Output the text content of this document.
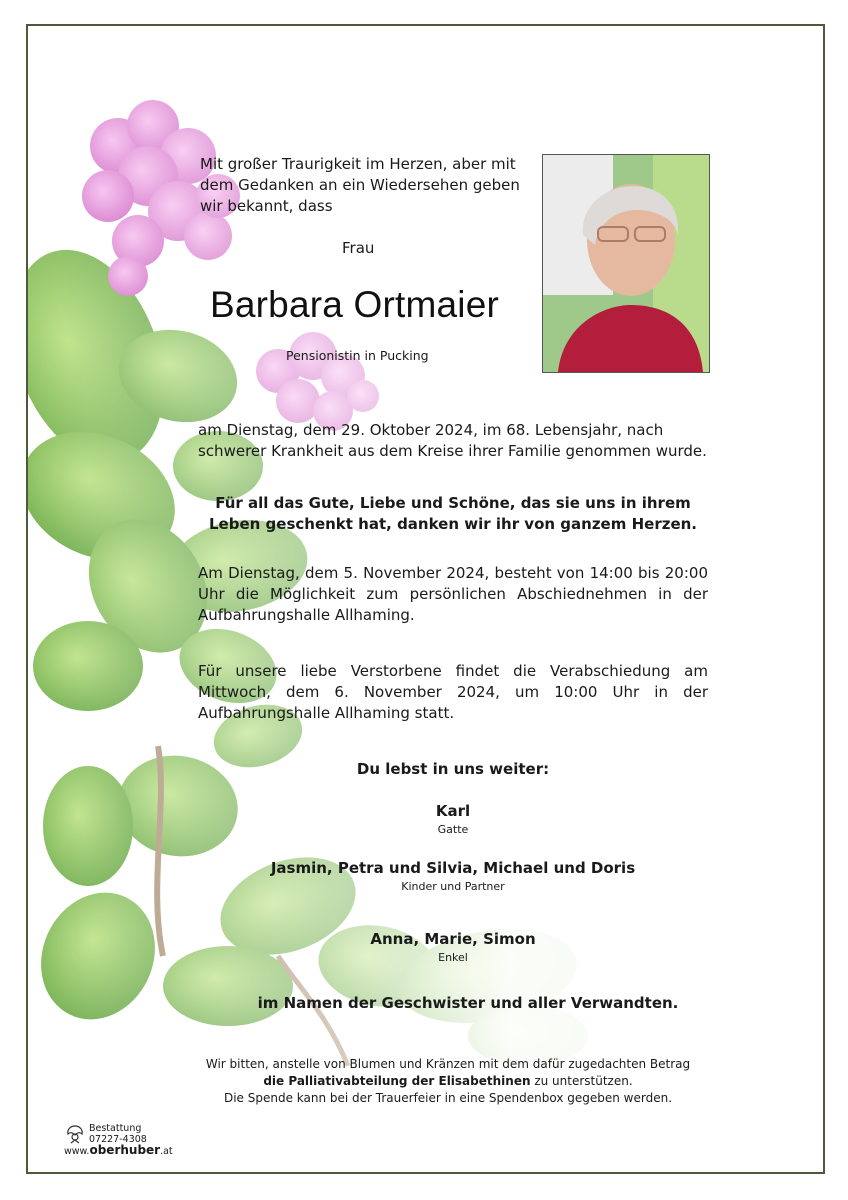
Mit großer Traurigkeit im Herzen, aber mit dem Gedanken an ein Wiedersehen geben wir bekannt, dass
Frau
Barbara Ortmaier
Pensionistin in Pucking
am Dienstag, dem 29. Oktober 2024, im 68. Lebensjahr, nach schwerer Krankheit aus dem Kreise ihrer Familie genommen wurde.
Für all das Gute, Liebe und Schöne, das sie uns in ihrem Leben geschenkt hat, danken wir ihr von ganzem Herzen.
Am Dienstag, dem 5. November 2024, besteht von 14:00 bis 20:00 Uhr die Möglichkeit zum persönlichen Abschiednehmen in der Aufbahrungshalle Allhaming.
Für unsere liebe Verstorbene findet die Verabschiedung am Mittwoch, dem 6. November 2024, um 10:00 Uhr in der Aufbahrungshalle Allhaming statt.
Du lebst in uns weiter:
Karl
Gatte
Jasmin, Petra und Silvia, Michael und Doris
Kinder und Partner
Anna, Marie, Simon
Enkel
im Namen der Geschwister und aller Verwandten.
Wir bitten, anstelle von Blumen und Kränzen mit dem dafür zugedachten Betrag
die Palliativabteilung der Elisabethinen zu unterstützen.
Die Spende kann bei der Trauerfeier in eine Spendenbox gegeben werden.
Bestattung  07227-4308
www.oberhuber.at
